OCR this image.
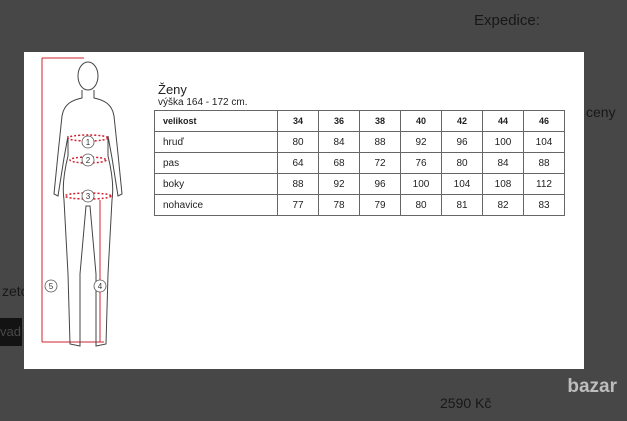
bazar
1
2
3
4
5
Ženy
výška 164 - 172 cm.
velikost	34	36	38	40	42	44	46
hruď	80	84	88	92	96	100	104
pas	64	68	72	76	80	84	88
boky	88	92	96	100	104	108	112
nohavice	77	78	79	80	81	82	83
